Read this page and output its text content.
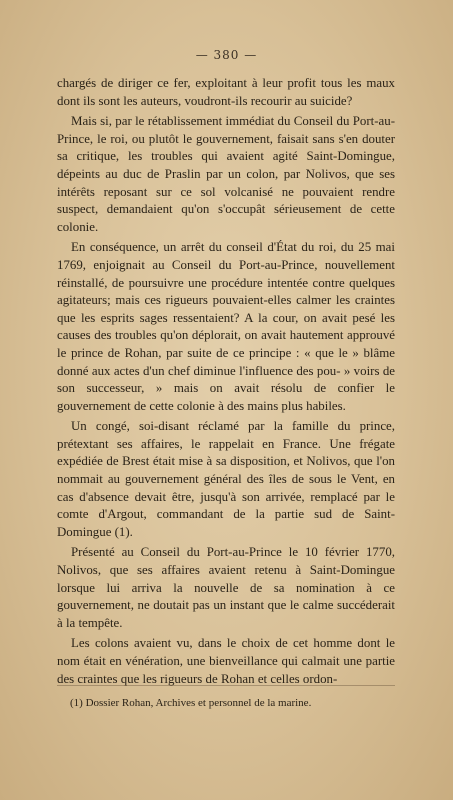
— 380 —

chargés de diriger ce fer, exploitant à leur profit tous les maux dont ils sont les auteurs, voudront-ils recourir au suicide?

Mais si, par le rétablissement immédiat du Conseil du Port-au-Prince, le roi, ou plutôt le gouvernement, faisait sans s'en douter sa critique, les troubles qui avaient agité Saint-Domingue, dépeints au duc de Praslin par un colon, par Nolivos, que ses intérêts reposant sur ce sol volcanisé ne pouvaient rendre suspect, demandaient qu'on s'occupât sérieusement de cette colonie.

En conséquence, un arrêt du conseil d'État du roi, du 25 mai 1769, enjoignait au Conseil du Port-au-Prince, nouvellement réinstallé, de poursuivre une procédure intentée contre quelques agitateurs; mais ces rigueurs pouvaient-elles calmer les craintes que les esprits sages ressentaient? A la cour, on avait pesé les causes des troubles qu'on déplorait, on avait hautement approuvé le prince de Rohan, par suite de ce principe : « que le » blâme donné aux actes d'un chef diminue l'influence des pou- » voirs de son successeur, » mais on avait résolu de confier le gouvernement de cette colonie à des mains plus habiles.

Un congé, soi-disant réclamé par la famille du prince, prétextant ses affaires, le rappelait en France. Une frégate expédiée de Brest était mise à sa disposition, et Nolivos, que l'on nommait au gouvernement général des îles de sous le Vent, en cas d'absence devait être, jusqu'à son arrivée, remplacé par le comte d'Argout, commandant de la partie sud de Saint-Domingue (1).

Présenté au Conseil du Port-au-Prince le 10 février 1770, Nolivos, que ses affaires avaient retenu à Saint-Domingue lorsque lui arriva la nouvelle de sa nomination à ce gouvernement, ne doutait pas un instant que le calme succéderait à la tempête.

Les colons avaient vu, dans le choix de cet homme dont le nom était en vénération, une bienveillance qui calmait une partie des craintes que les rigueurs de Rohan et celles ordon-

(1) Dossier Rohan, Archives et personnel de la marine.
